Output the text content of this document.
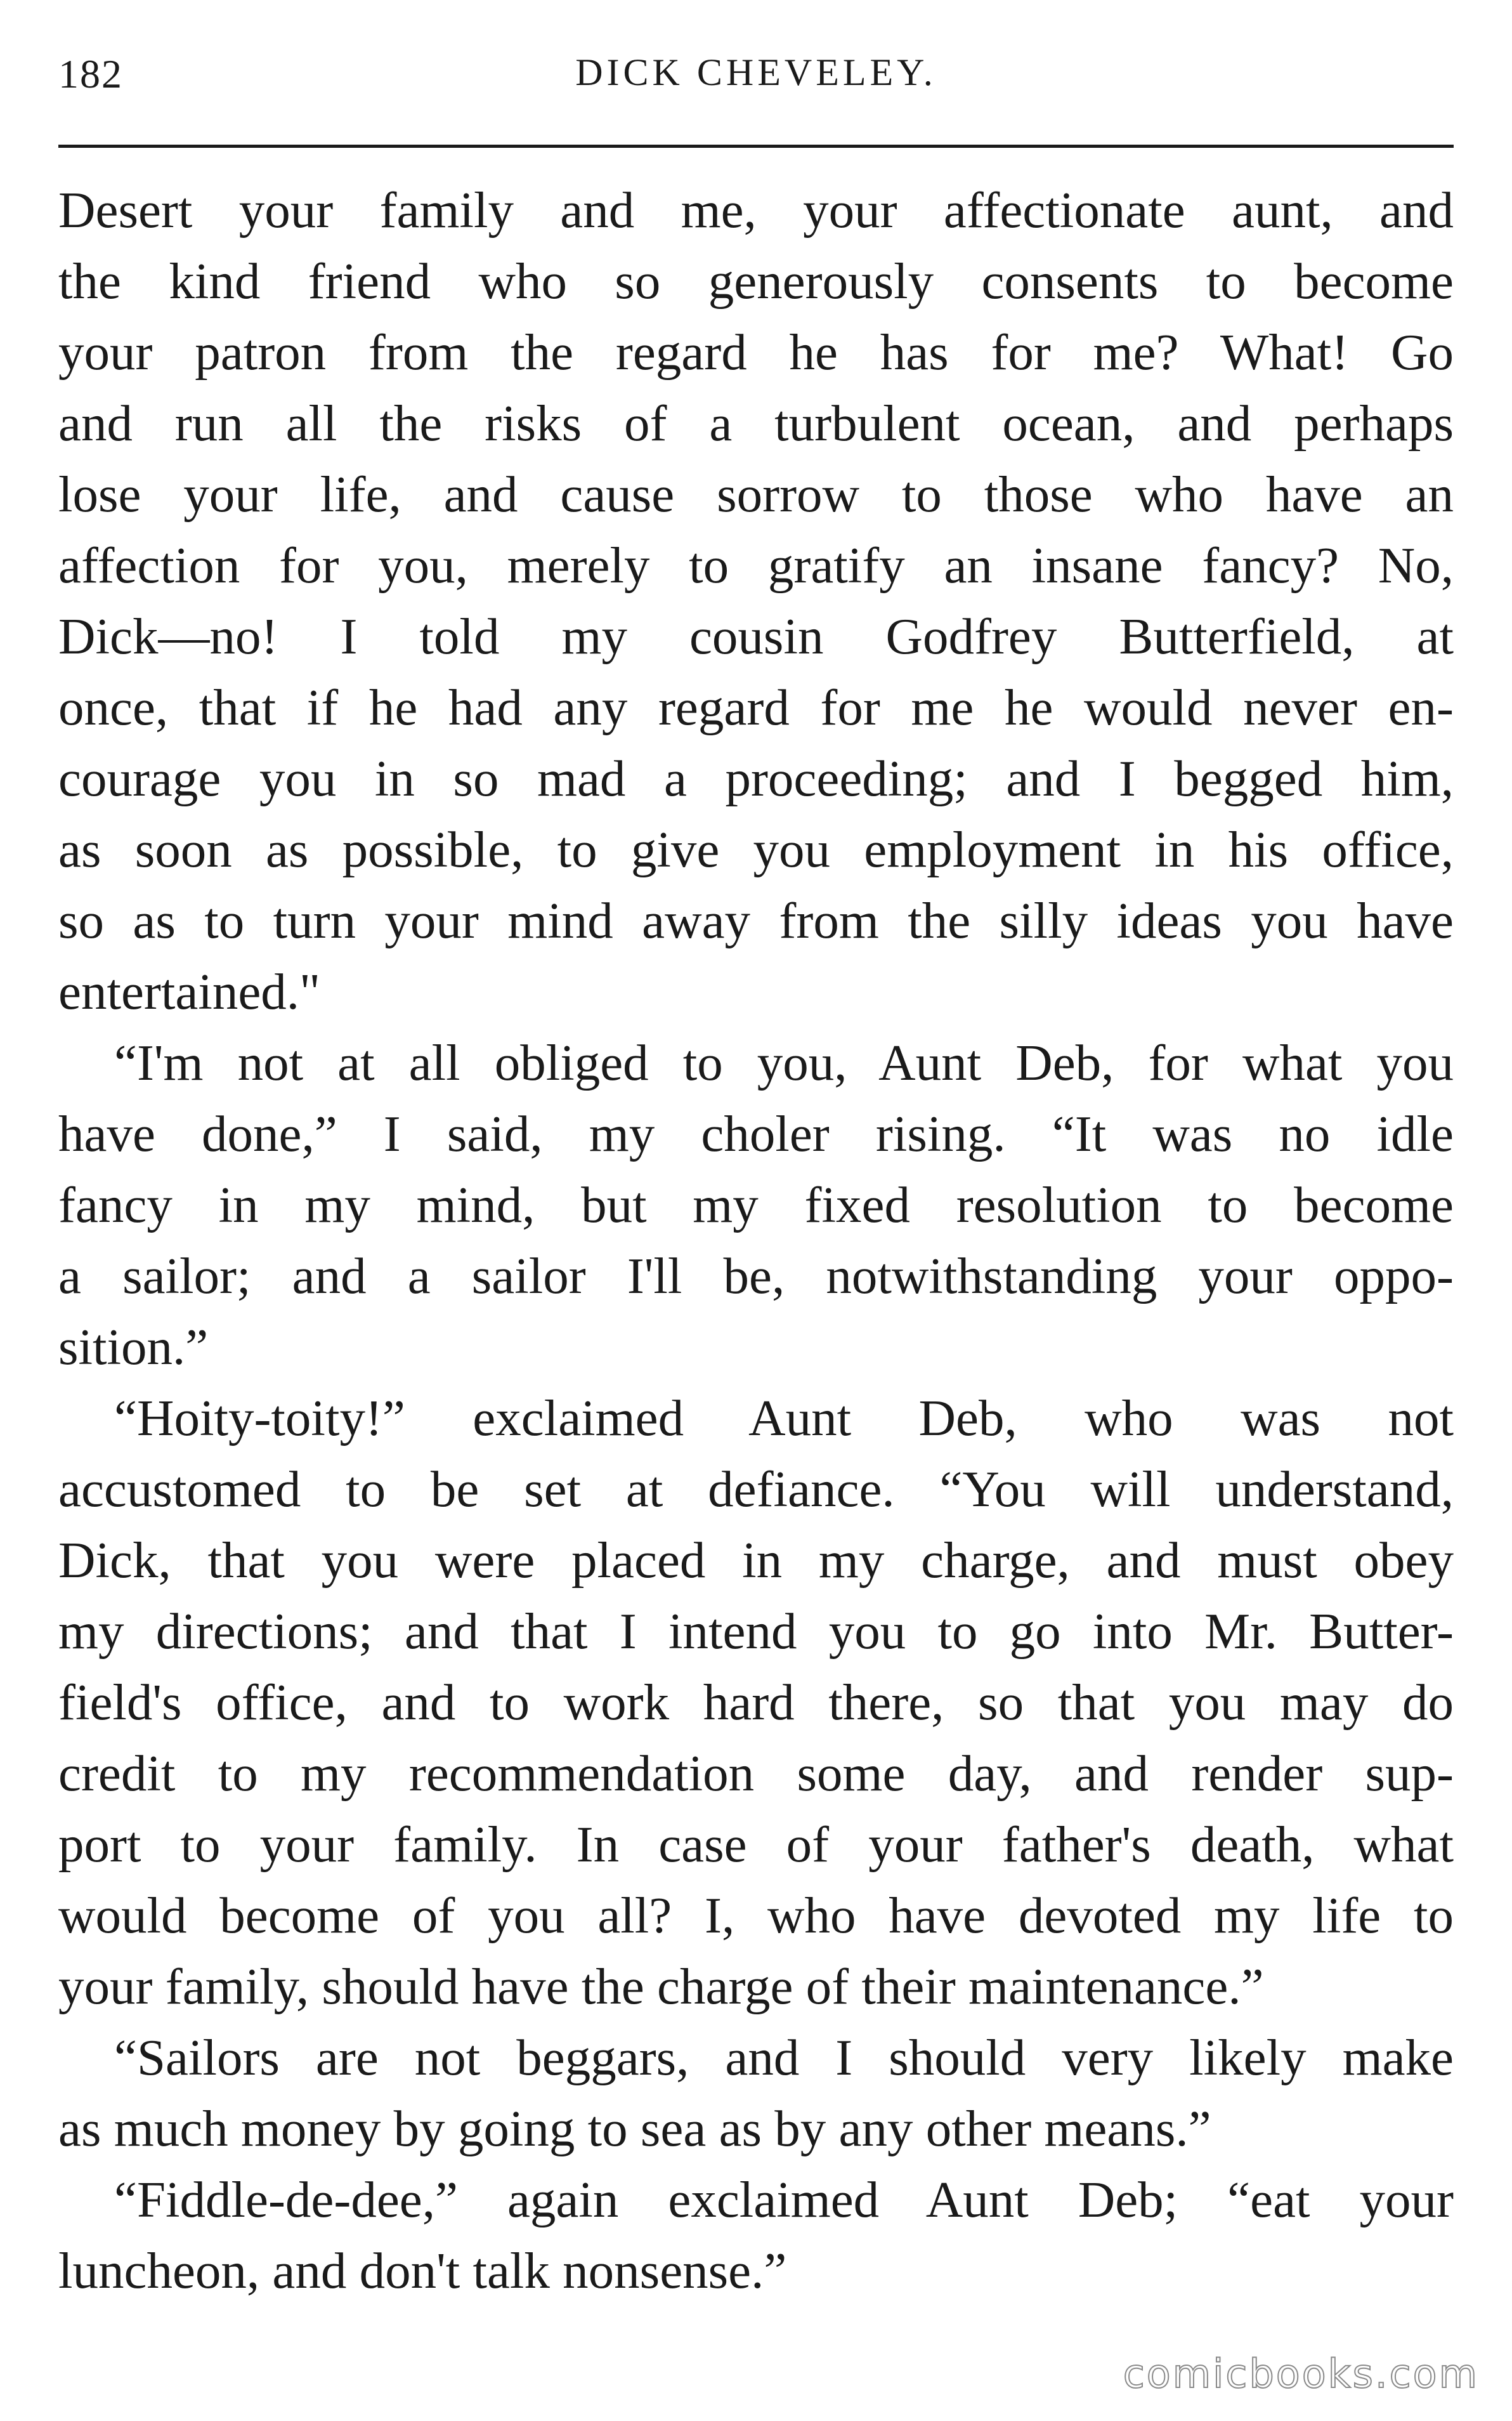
182	DICK CHEVELEY.
Desert your family and me, your affectionate aunt, and
the kind friend who so generously consents to become
your patron from the regard he has for me? What! Go
and run all the risks of a turbulent ocean, and perhaps
lose your life, and cause sorrow to those who have an
affection for you, merely to gratify an insane fancy? No,
Dick—no! I told my cousin Godfrey Butterfield, at
once, that if he had any regard for me he would never en-
courage you in so mad a proceeding; and I begged him,
as soon as possible, to give you employment in his office,
so as to turn your mind away from the silly ideas you have
entertained."
“I'm not at all obliged to you, Aunt Deb, for what you
have done,” I said, my choler rising. “It was no idle
fancy in my mind, but my fixed resolution to become
a sailor; and a sailor I'll be, notwithstanding your oppo-
sition.”
“Hoity-toity!” exclaimed Aunt Deb, who was not
accustomed to be set at defiance. “You will understand,
Dick, that you were placed in my charge, and must obey
my directions; and that I intend you to go into Mr. Butter-
field's office, and to work hard there, so that you may do
credit to my recommendation some day, and render sup-
port to your family. In case of your father's death, what
would become of you all? I, who have devoted my life to
your family, should have the charge of their maintenance.”
“Sailors are not beggars, and I should very likely make
as much money by going to sea as by any other means.”
“Fiddle-de-dee,” again exclaimed Aunt Deb; “eat your
luncheon, and don't talk nonsense.”
comicbooks.com
